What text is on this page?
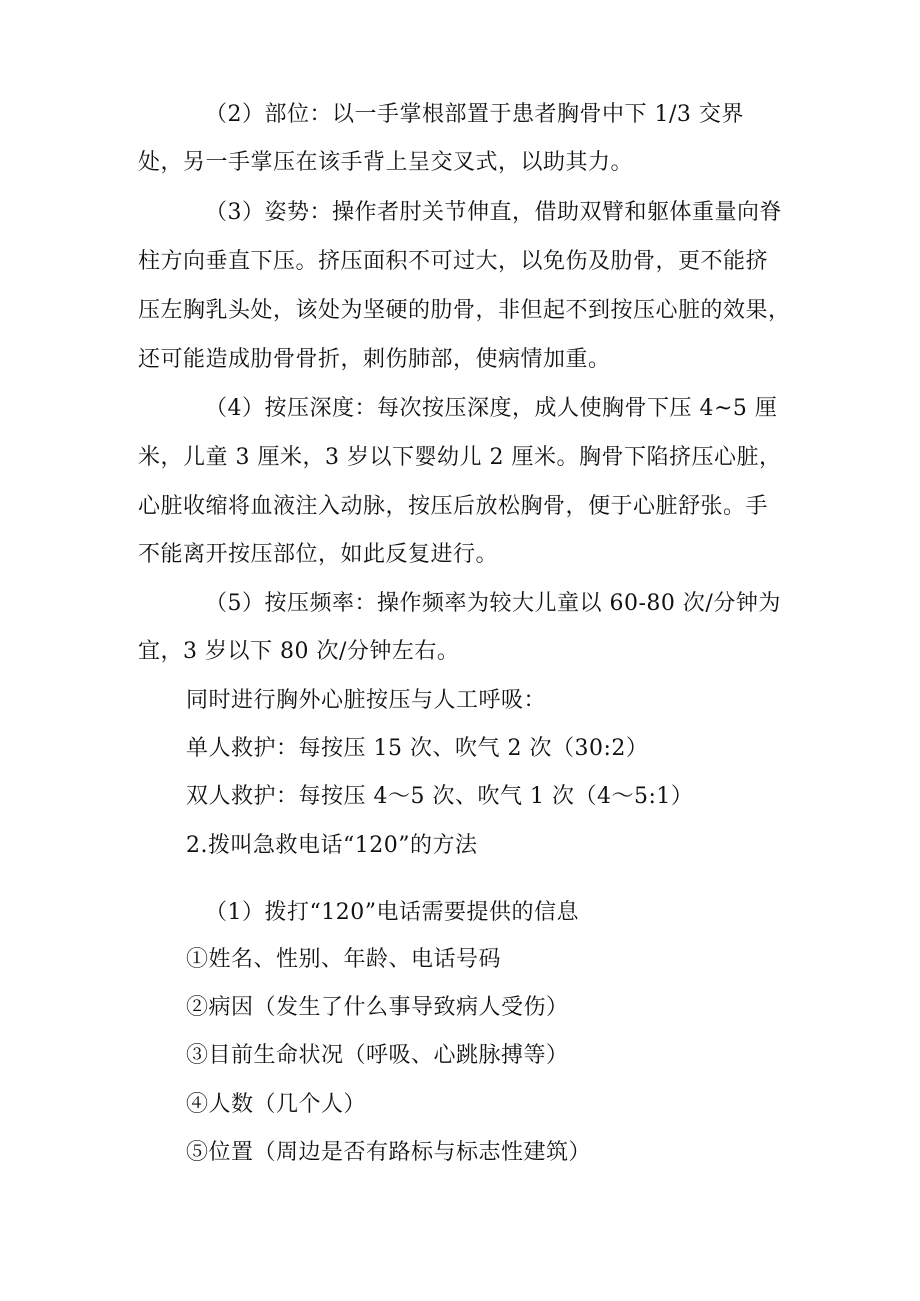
（2）部位：以一手掌根部置于患者胸骨中下 1/3 交界
处，另一手掌压在该手背上呈交叉式，以助其力。
（3）姿势：操作者肘关节伸直，借助双臂和躯体重量向脊
柱方向垂直下压。挤压面积不可过大，以免伤及肋骨，更不能挤
压左胸乳头处，该处为坚硬的肋骨，非但起不到按压心脏的效果，
还可能造成肋骨骨折，刺伤肺部，使病情加重。
（4）按压深度：每次按压深度，成人使胸骨下压 4~5 厘
米，儿童 3 厘米，3 岁以下婴幼儿 2 厘米。胸骨下陷挤压心脏，
心脏收缩将血液注入动脉，按压后放松胸骨，便于心脏舒张。手
不能离开按压部位，如此反复进行。
（5）按压频率：操作频率为较大儿童以 60-80 次/分钟为
宜，3 岁以下 80 次/分钟左右。
同时进行胸外心脏按压与人工呼吸：
单人救护：每按压 15 次、吹气 2 次（30:2）
双人救护：每按压 4～5 次、吹气 1 次（4～5:1）
2.拨叫急救电话“120”的方法
（1）拨打“120”电话需要提供的信息
①姓名、性别、年龄、电话号码
②病因（发生了什么事导致病人受伤）
③目前生命状况（呼吸、心跳脉搏等）
④人数（几个人）
⑤位置（周边是否有路标与标志性建筑）
